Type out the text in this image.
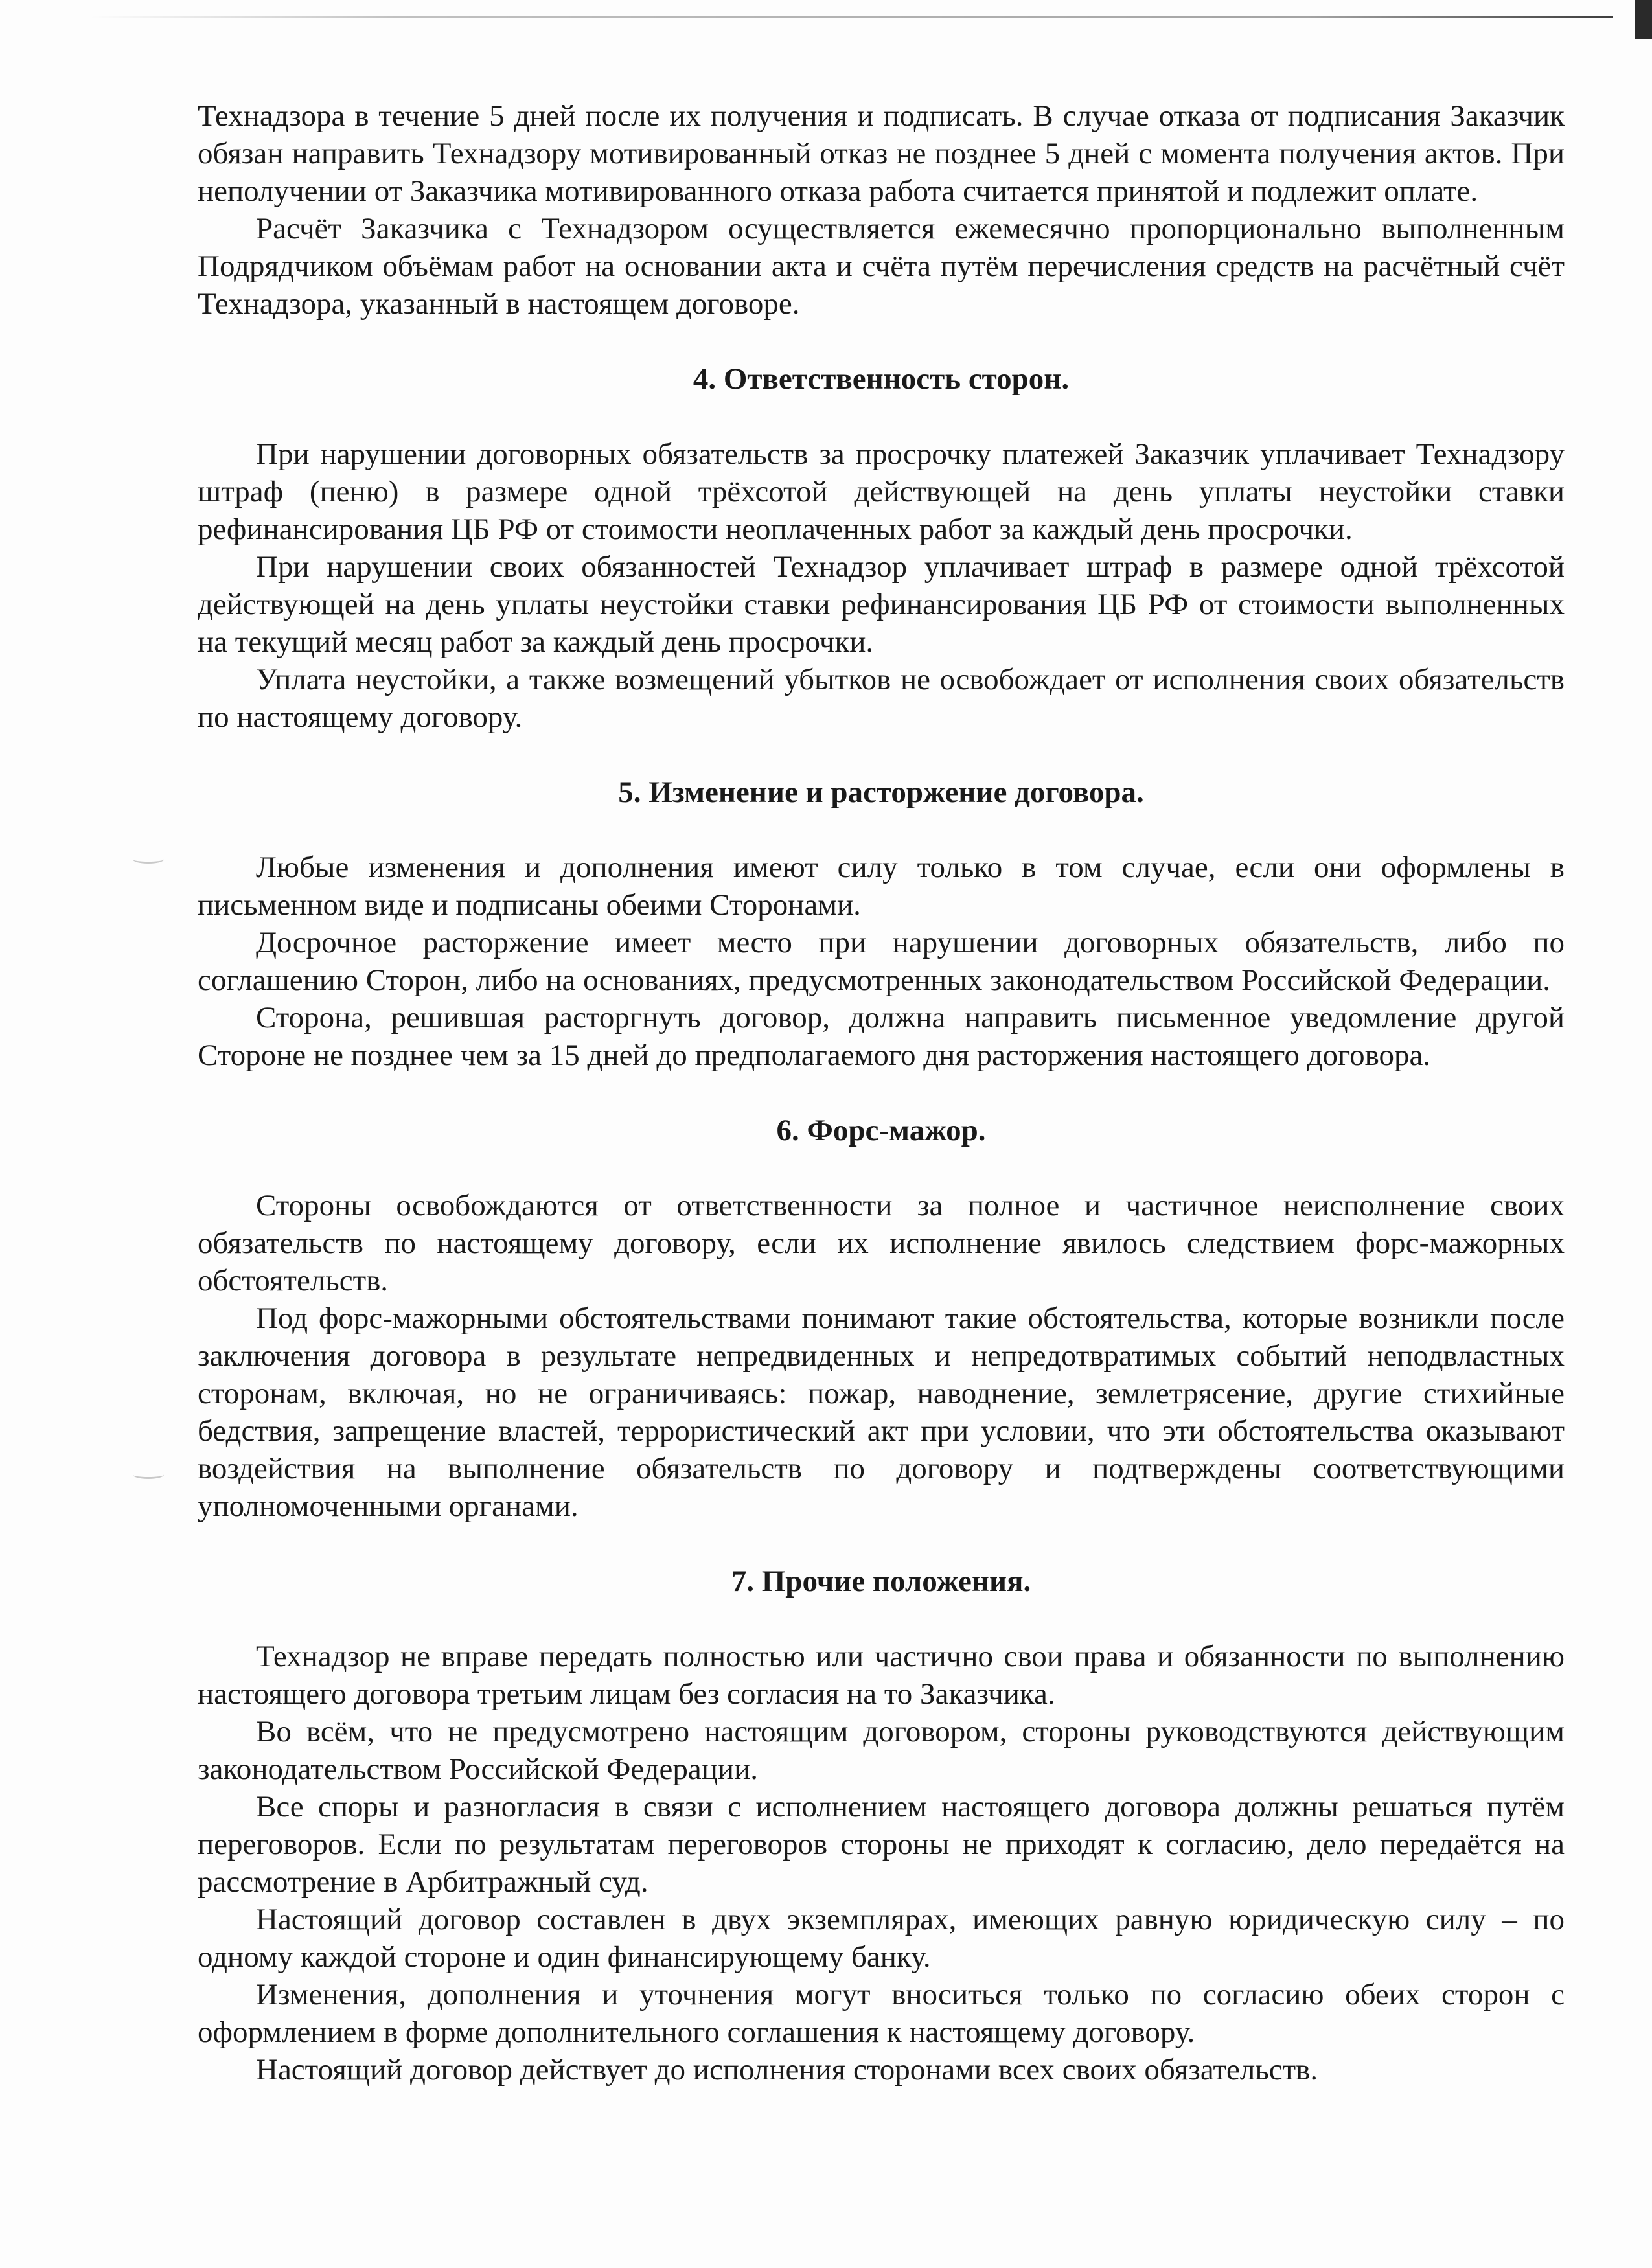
Технадзора в течение 5 дней после их получения и подписать. В случае отказа от подписания Заказчик обязан направить Технадзору мотивированный отказ не позднее 5 дней с момента получения актов. При неполучении от Заказчика мотивированного отказа работа считается принятой и подлежит оплате.

Расчёт Заказчика с Технадзором осуществляется ежемесячно пропорционально выполненным Подрядчиком объёмам работ на основании акта и счёта путём перечисления средств на расчётный счёт Технадзора, указанный в настоящем договоре.

4. Ответственность сторон.

При нарушении договорных обязательств за просрочку платежей Заказчик уплачивает Технадзору штраф (пеню) в размере одной трёхсотой действующей на день уплаты неустойки ставки рефинансирования ЦБ РФ от стоимости неоплаченных работ за каждый день просрочки.

При нарушении своих обязанностей Технадзор уплачивает штраф в размере одной трёхсотой действующей на день уплаты неустойки ставки рефинансирования ЦБ РФ от стоимости выполненных на текущий месяц работ за каждый день просрочки.

Уплата неустойки, а также возмещений убытков не освобождает от исполнения своих обязательств по настоящему договору.

5. Изменение и расторжение договора.

Любые изменения и дополнения имеют силу только в том случае, если они оформлены в письменном виде и подписаны обеими Сторонами.

Досрочное расторжение имеет место при нарушении договорных обязательств, либо по соглашению Сторон, либо на основаниях, предусмотренных законодательством Российской Федерации.

Сторона, решившая расторгнуть договор, должна направить письменное уведомление другой Стороне не позднее чем за 15 дней до предполагаемого дня расторжения настоящего договора.

6. Форс-мажор.

Стороны освобождаются от ответственности за полное и частичное неисполнение своих обязательств по настоящему договору, если их исполнение явилось следствием форс-мажорных обстоятельств.

Под форс-мажорными обстоятельствами понимают такие обстоятельства, которые возникли после заключения договора в результате непредвиденных и непредотвратимых событий неподвластных сторонам, включая, но не ограничиваясь: пожар, наводнение, землетрясение, другие стихийные бедствия, запрещение властей, террористический акт при условии, что эти обстоятельства оказывают воздействия на выполнение обязательств по договору и подтверждены соответствующими уполномоченными органами.

7. Прочие положения.

Технадзор не вправе передать полностью или частично свои права и обязанности по выполнению настоящего договора третьим лицам без согласия на то Заказчика.

Во всём, что не предусмотрено настоящим договором, стороны руководствуются действующим законодательством Российской Федерации.

Все споры и разногласия в связи с исполнением настоящего договора должны решаться путём переговоров. Если по результатам переговоров стороны не приходят к согласию, дело передаётся на рассмотрение в Арбитражный суд.

Настоящий договор составлен в двух экземплярах, имеющих равную юридическую силу – по одному каждой стороне и один финансирующему банку.

Изменения, дополнения и уточнения могут вноситься только по согласию обеих сторон с оформлением в форме дополнительного соглашения к настоящему договору.

Настоящий договор действует до исполнения сторонами всех своих обязательств.
